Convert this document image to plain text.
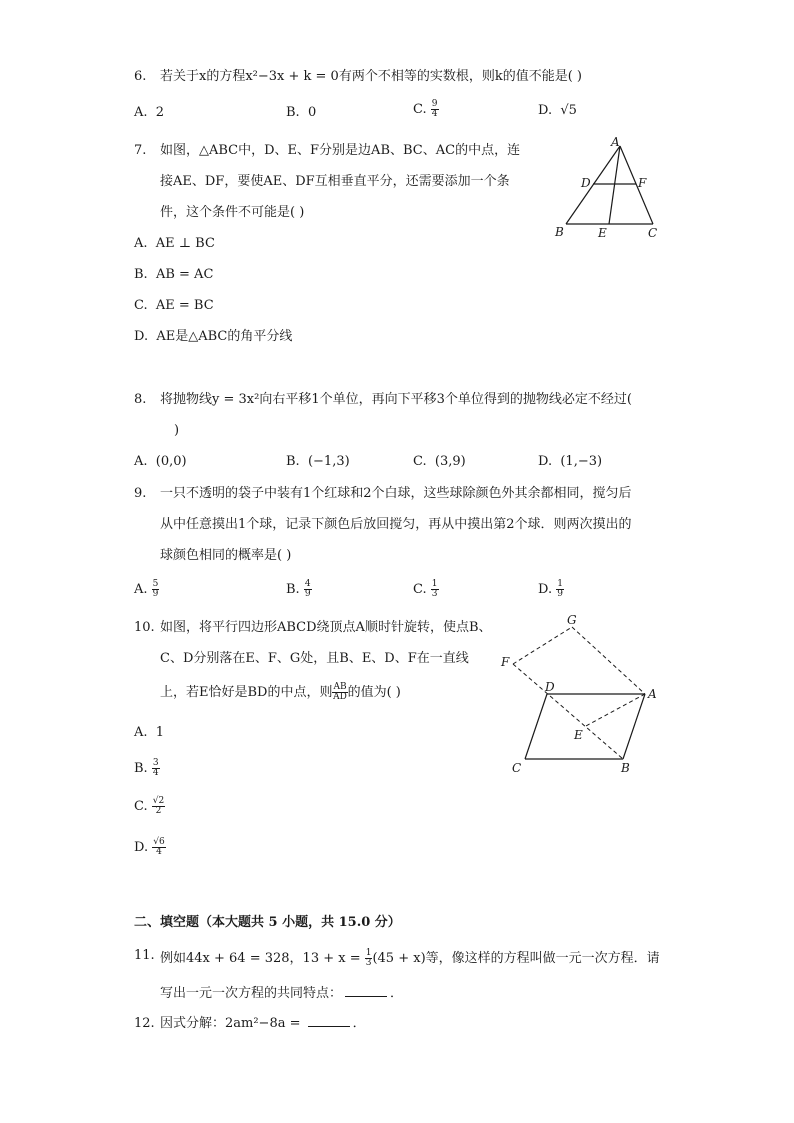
6. 若关于x的方程x²−3x + k = 0有两个不相等的实数根，则k的值不能是( )
A. 2	B. 0	C. $\frac{9}{4}$	D. √5
7. 如图，△ABC中，D、E、F分别是边AB、BC、AC的中点，连
接AE、DF，要使AE、DF互相垂直平分，还需要添加一个条
件，这个条件不可能是( )
A. AE ⊥ BC
B. AB = AC
C. AE = BC
D. AE是△ABC的角平分线
A
D	F
B	E	C
8. 将抛物线y = 3x²向右平移1个单位，再向下平移3个单位得到的抛物线必定不经过(
)
A. (0,0)	B. (−1,3)	C. (3,9)	D. (1,−3)
9. 一只不透明的袋子中装有1个红球和2个白球，这些球除颜色外其余都相同，搅匀后
从中任意摸出1个球，记录下颜色后放回搅匀，再从中摸出第2个球．则两次摸出的
球颜色相同的概率是( )
A. $\frac{5}{9}$	B. $\frac{4}{9}$	C. $\frac{1}{3}$	D. $\frac{1}{9}$
10. 如图，将平行四边形ABCD绕顶点A顺时针旋转，使点B、
C、D分别落在E、F、G处，且B、E、D、F在一直线
上，若E恰好是BD的中点，则 $\frac{AB}{AD}$ 的值为( )
A. 1
B. $\frac{3}{4}$
C. $\frac{√2}{2}$
D. $\frac{√6}{4}$
G
F
D	A
E
C	B
二、填空题（本大题共 5 小题，共 15.0 分）
11. 例如44x + 64 = 328，$13 + x = \frac{1}{3} (45 + x)$等，像这样的方程叫做一元一次方程．请
写出一元一次方程的共同特点：	．
12. 因式分解：2am²−8a =	．
